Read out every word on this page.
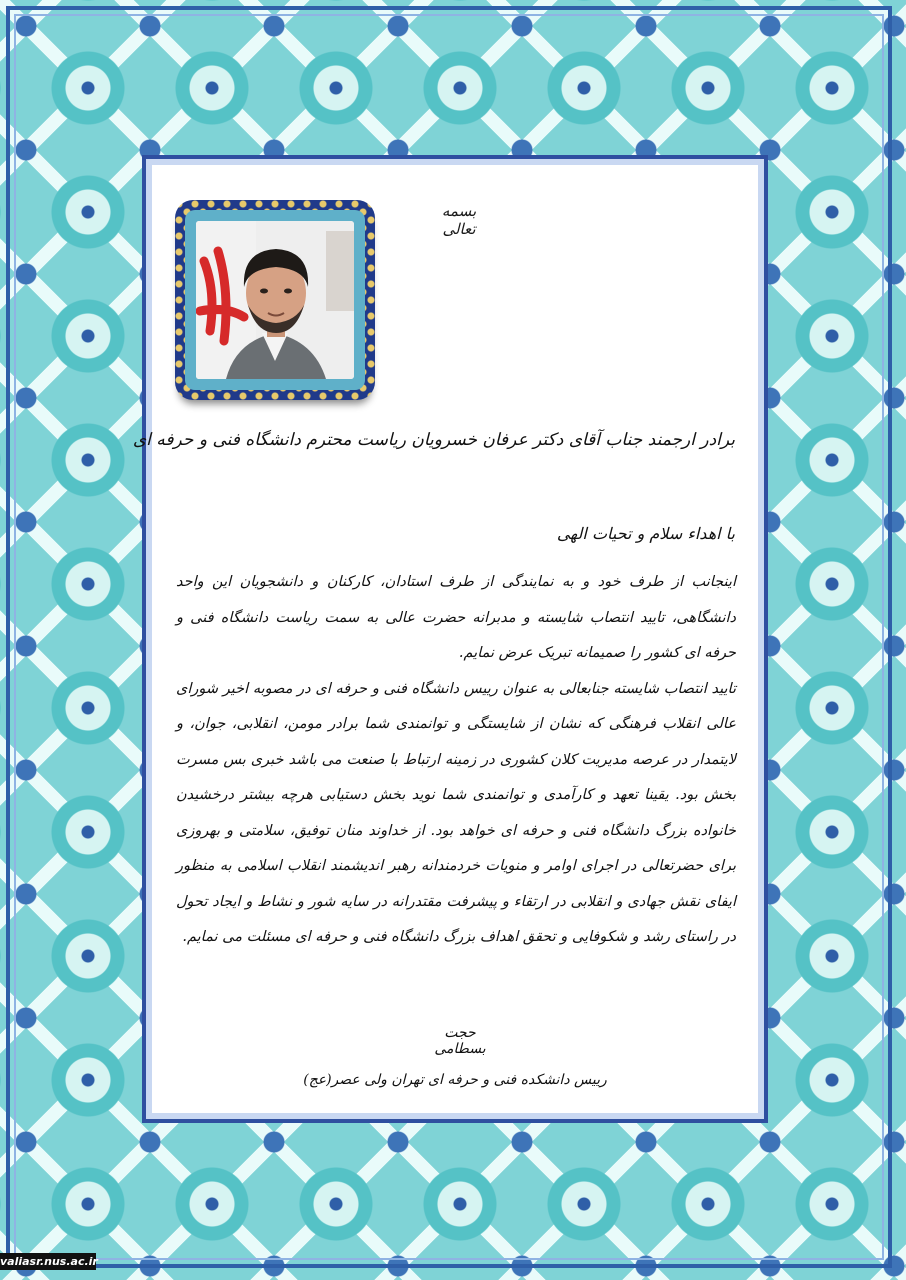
بسمه تعالی
برادر ارجمند جناب آقای دکتر عرفان خسرویان ریاست محترم دانشگاه فنی و حرفه ای
با اهداء سلام و تحیات الهی

اینجانب از طرف خود و به نمایندگی از طرف استادان، کارکنان و دانشجویان این واحد دانشگاهی، تایید انتصاب شایسته و مدبرانه حضرت عالی به سمت ریاست دانشگاه فنی و حرفه ای کشور را صمیمانه تبریک عرض نمایم.

تایید انتصاب شایسته جنابعالی به عنوان رییس دانشگاه فنی و حرفه ای در مصوبه اخیر شورای عالی انقلاب فرهنگی که نشان از شایستگی و توانمندی شما برادر مومن، انقلابی، جوان، و لایتمدار در عرصه مدیریت کلان کشوری در زمینه ارتباط با صنعت می باشد خبری بس مسرت بخش بود. یقینا تعهد و کارآمدی و توانمندی شما نوید بخش دستیابی هرچه بیشتر درخشیدن خانواده بزرگ دانشگاه فنی و حرفه ای خواهد بود. از خداوند منان توفیق، سلامتی و بهروزی برای حضرتعالی در اجرای اوامر و منویات خردمندانه رهبر اندیشمند انقلاب اسلامی به منظور ایفای نقش جهادی و انقلابی در ارتقاء و پیشرفت مقتدرانه در سایه شور و نشاط و ایجاد تحول در راستای رشد و شکوفایی و تحقق اهداف بزرگ دانشگاه فنی و حرفه ای مسئلت می نمایم.

حجت بسطامی
رییس دانشکده فنی و حرفه ای تهران ولی عصر(عج)
valiasr.nus.ac.ir
